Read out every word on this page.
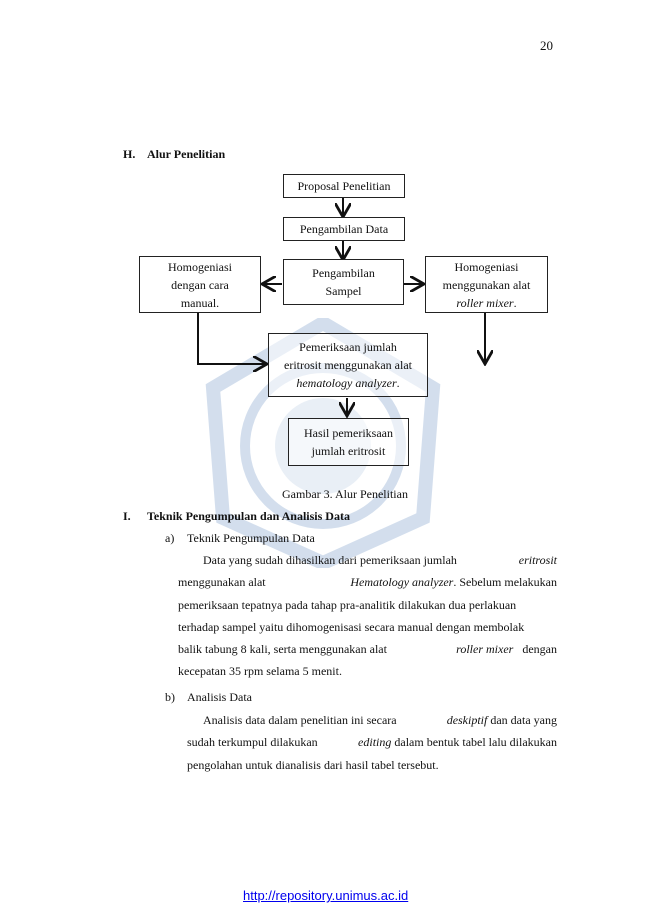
20
H. Alur Penelitian
Proposal Penelitian
Pengambilan Data
Pengambilan
Sampel
Homogeniasi
dengan cara
manual.
Homogeniasi
menggunakan alat
roller mixer.
Pemeriksaan jumlah
eritrosit menggunakan alat
hematology analyzer.
Hasil pemeriksaan
jumlah eritrosit
Gambar 3. Alur Penelitian
I. Teknik Pengumpulan dan Analisis Data
a) Teknik Pengumpulan Data
Data yang sudah dihasilkan dari pemeriksaan jumlah	eritrosit
menggunakan alat	Hematology analyzer. Sebelum melakukan
pemeriksaan tepatnya pada tahap pra-analitik dilakukan dua perlakuan
terhadap sampel yaitu dihomogenisasi secara manual dengan membolak
balik tabung 8 kali, serta menggunakan alat	roller mixer dengan
kecepatan 35 rpm selama 5 menit.
b) Analisis Data
Analisis data dalam penelitian ini secara	deskiptif dan data yang
sudah terkumpul dilakukan	editing dalam bentuk tabel lalu dilakukan
pengolahan untuk dianalisis dari hasil tabel tersebut.
http://repository.unimus.ac.id
